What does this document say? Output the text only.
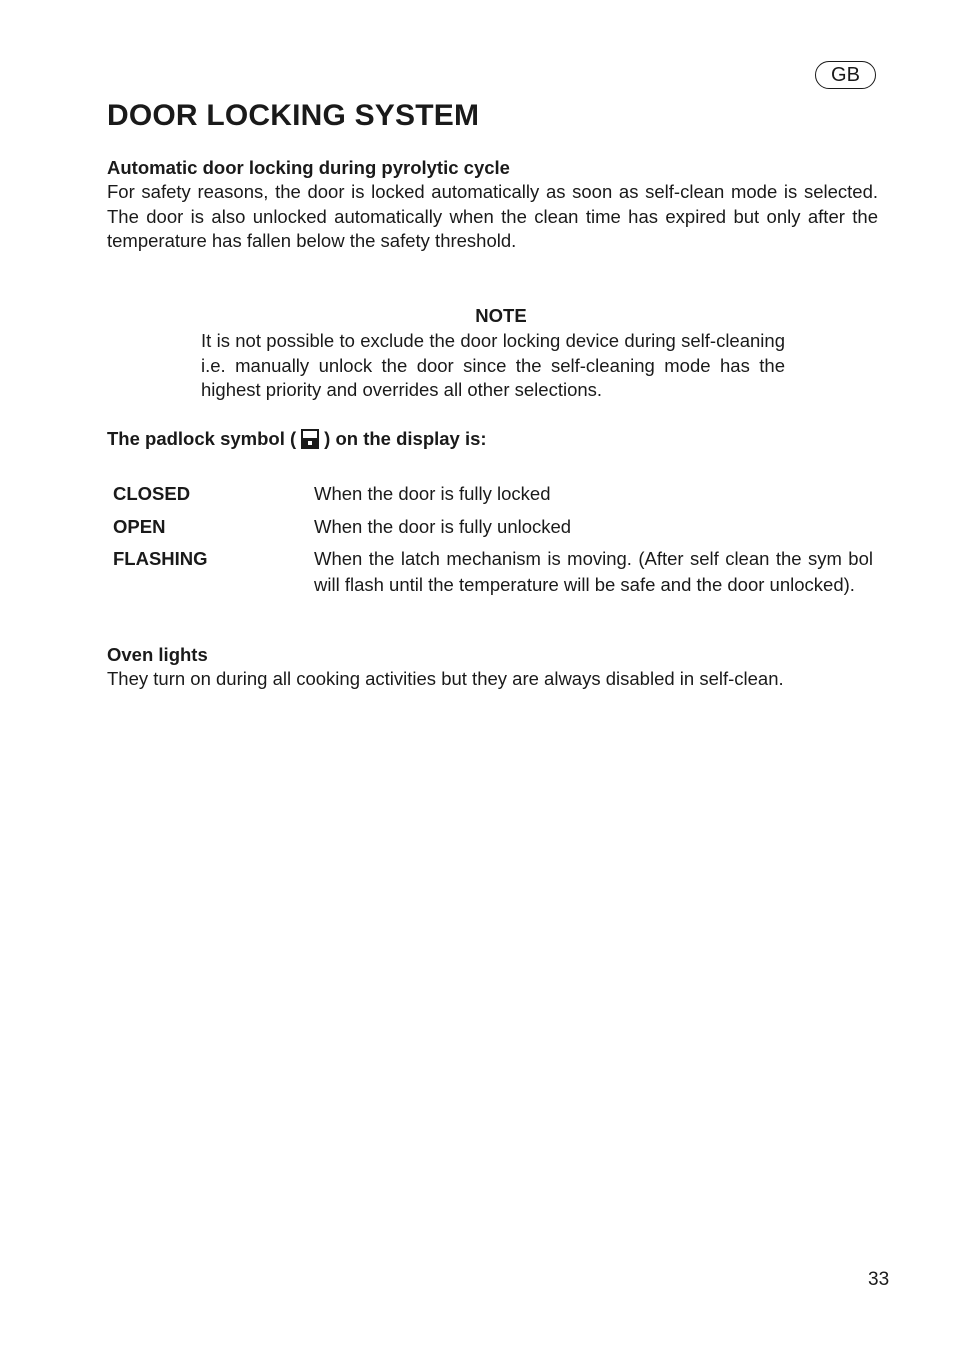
GB
DOOR LOCKING SYSTEM

Automatic door locking during pyrolytic cycle

For safety reasons, the door is locked automatically as soon as self-clean mode is selected. The door is also unlocked automatically when the clean time has expired but only after the temperature has fallen below the safety threshold.

NOTE

It is not possible to exclude the door locking device during self-cleaning i.e. manually unlock the door since the self-cleaning mode has the highest priority and overrides all other selections.

The padlock symbol ( ) on the display is:
CLOSED	When the door is fully locked
OPEN	When the door is fully unlocked
FLASHING	When the latch mechanism is moving. (After self clean the sym bol will flash until the temperature will be safe and the door unlocked).

Oven lights

They turn on during all cooking activities but they are always disabled in self-clean.

33
